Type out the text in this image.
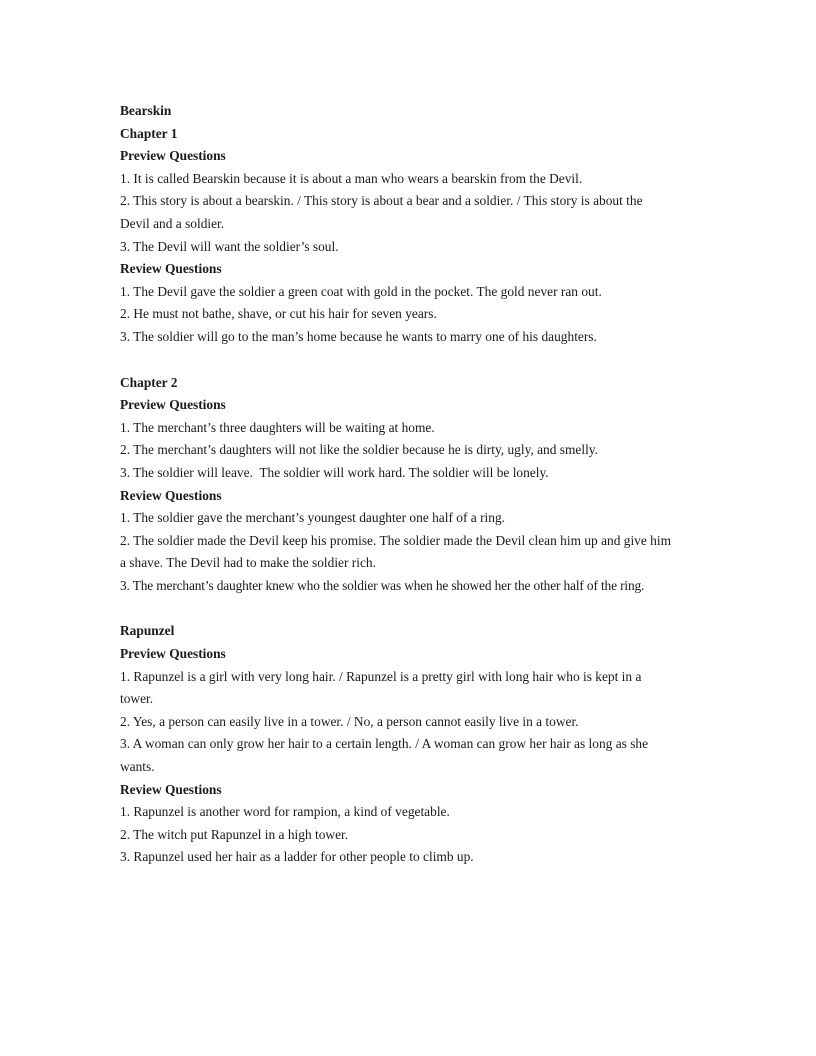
Bearskin
Chapter 1
Preview Questions
1. It is called Bearskin because it is about a man who wears a bearskin from the Devil.
2. This story is about a bearskin. / This story is about a bear and a soldier. / This story is about the Devil and a soldier.
3. The Devil will want the soldier’s soul.
Review Questions
1. The Devil gave the soldier a green coat with gold in the pocket. The gold never ran out.
2. He must not bathe, shave, or cut his hair for seven years.
3. The soldier will go to the man’s home because he wants to marry one of his daughters.
Chapter 2
Preview Questions
1. The merchant’s three daughters will be waiting at home.
2. The merchant’s daughters will not like the soldier because he is dirty, ugly, and smelly.
3. The soldier will leave.  The soldier will work hard. The soldier will be lonely.
Review Questions
1. The soldier gave the merchant’s youngest daughter one half of a ring.
2. The soldier made the Devil keep his promise. The soldier made the Devil clean him up and give him a shave. The Devil had to make the soldier rich.
3. The merchant’s daughter knew who the soldier was when he showed her the other half of the ring.
Rapunzel
Preview Questions
1. Rapunzel is a girl with very long hair. / Rapunzel is a pretty girl with long hair who is kept in a tower.
2. Yes, a person can easily live in a tower. / No, a person cannot easily live in a tower.
3. A woman can only grow her hair to a certain length. / A woman can grow her hair as long as she wants.
Review Questions
1. Rapunzel is another word for rampion, a kind of vegetable.
2. The witch put Rapunzel in a high tower.
3. Rapunzel used her hair as a ladder for other people to climb up.
